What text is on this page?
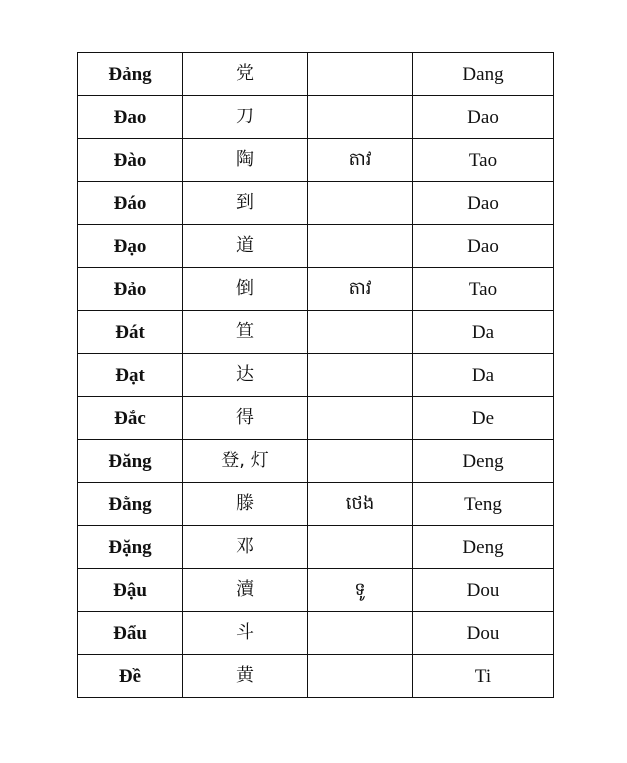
Đảng	党		Dang
Đao	刀		Dao
Đào	陶	តាវ	Tao
Đáo	到		Dao
Đạo	道		Dao
Đảo	倒	តាវ	Tao
Đát	笪		Da
Đạt	达		Da
Đắc	得		De
Đăng	登, 灯		Deng
Đằng	滕	ថេង	Teng
Đặng	邓		Deng
Đậu	瀆	ទូ	Dou
Đẩu	斗		Dou
Đề	黄		Ti
